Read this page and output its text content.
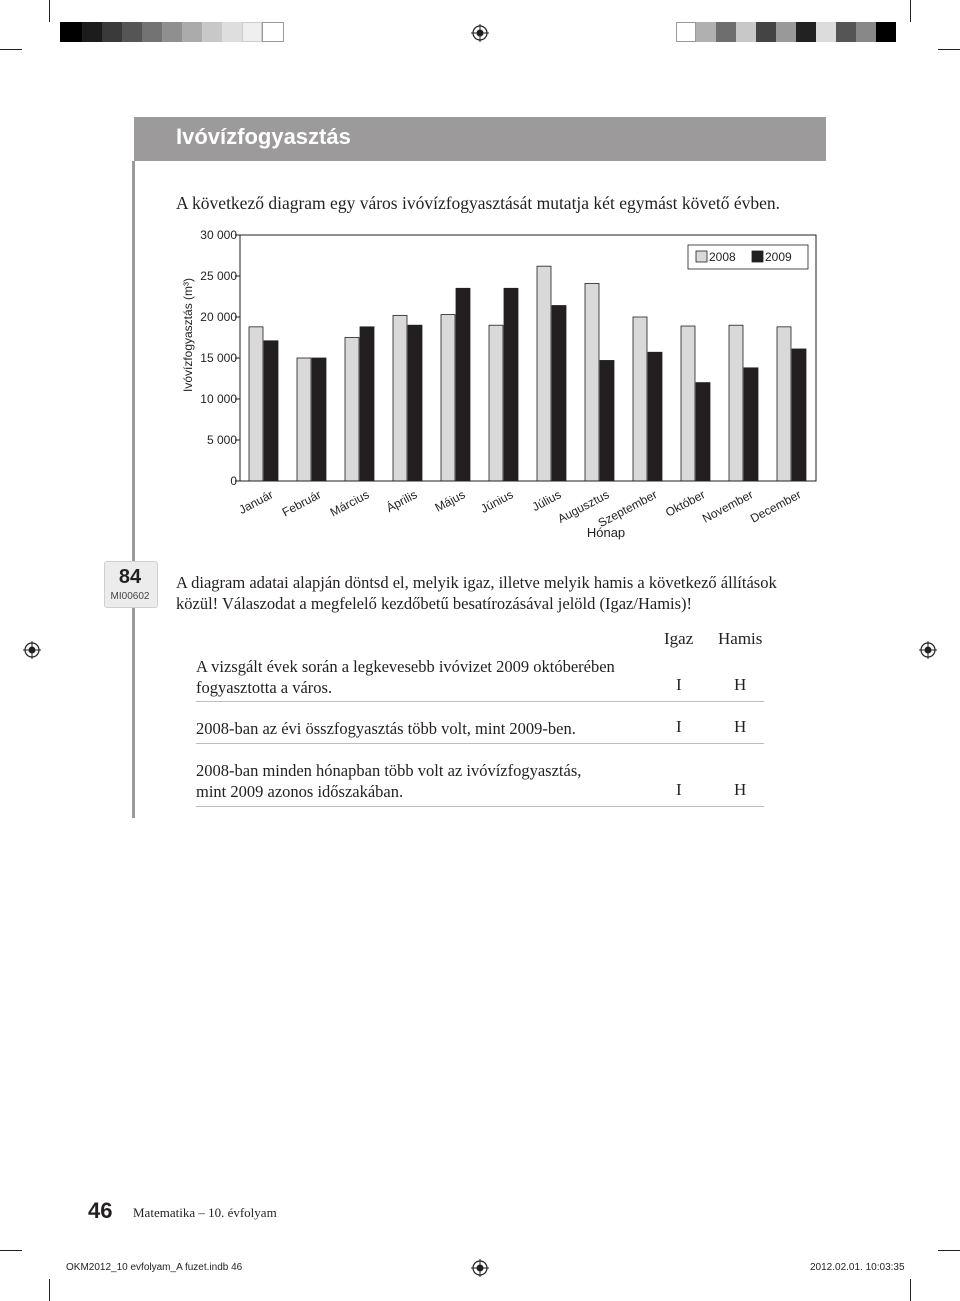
Ivóvízfogyasztás
A következő diagram egy város ivóvízfogyasztását mutatja két egymást követő évben.
0
5 000
10 000
15 000
20 000
25 000
30 000
Január Február Március Április Május Június Július
Augusztus
Szeptember Október
November
December
Ivóvízfogyasztás (m³)
Hónap
2008 2009
84
MI00602
A diagram adatai alapján döntsd el, melyik igaz, illetve melyik hamis a következő állítások
közül! Válaszodat a megfelelő kezdőbetű besatírozásával jelöld (Igaz/Hamis)!
Igaz Hamis
A vizsgált évek során a legkevesebb ivóvizet 2009 októberében
fogyasztotta a város.	I	H
2008-ban az évi összfogyasztás több volt, mint 2009-ben.	I	H
2008-ban minden hónapban több volt az ivóvízfogyasztás,
mint 2009 azonos időszakában.	I	H
46 Matematika – 10. évfolyam
OKM2012_10 evfolyam_A fuzet.indb 46	2012.02.01. 10:03:35
